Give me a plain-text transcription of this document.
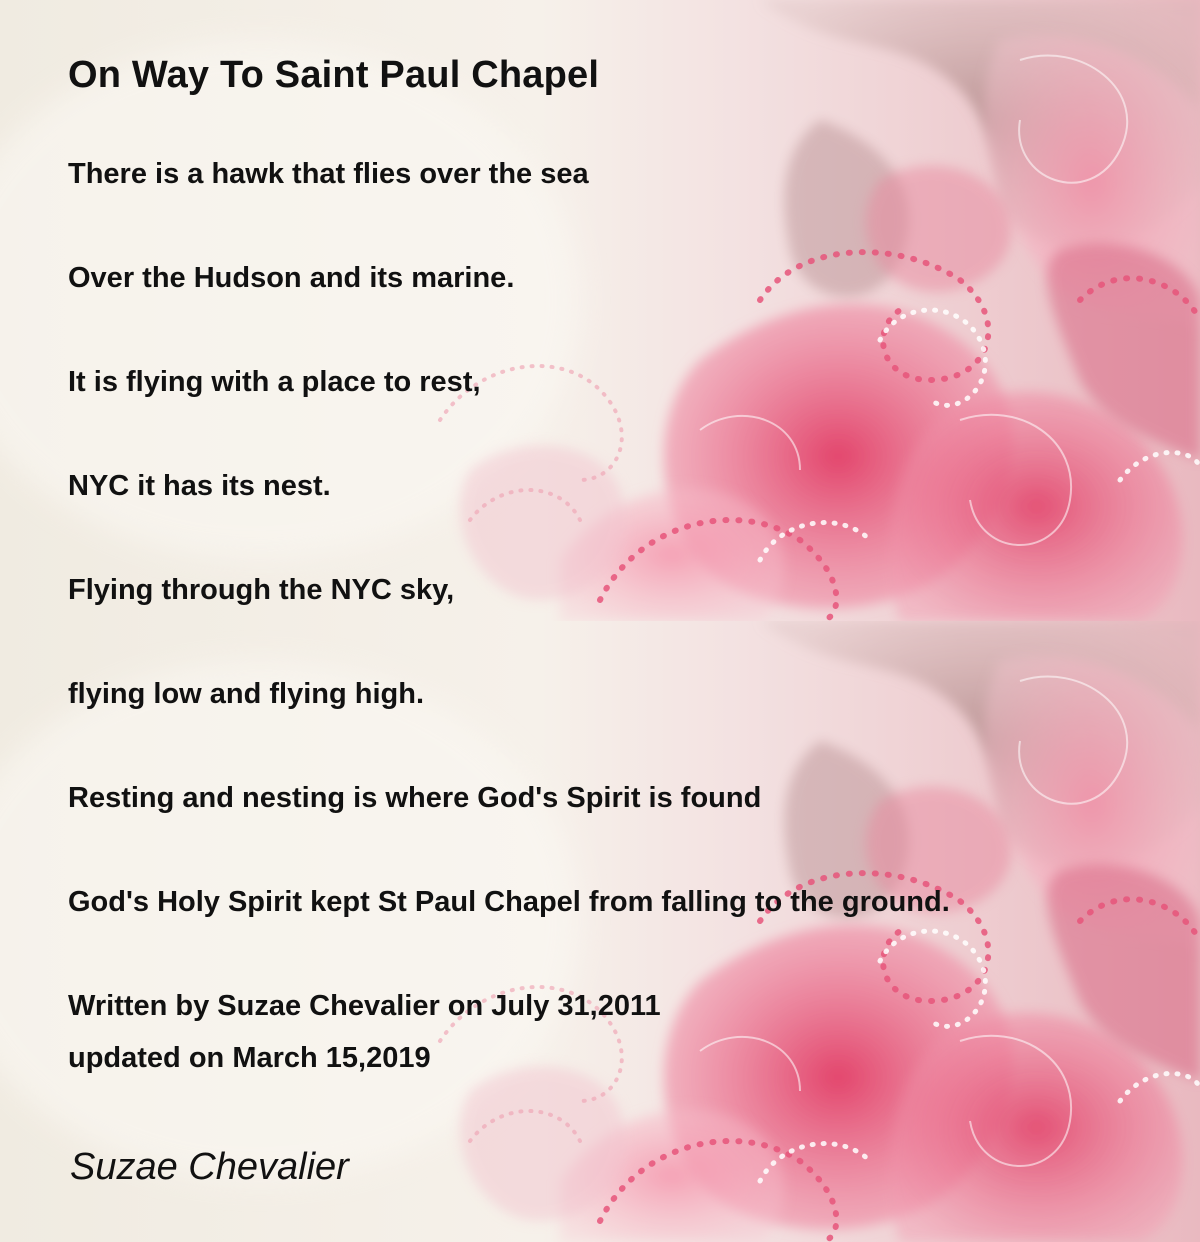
On Way To Saint Paul Chapel

There is a hawk that flies over the sea

Over the Hudson and its marine.

It is flying with a place to rest,

NYC it has its nest.

Flying through the NYC sky,

flying low and flying high.

Resting and nesting is where God's Spirit is found

God's Holy Spirit kept St Paul Chapel from falling to the ground.

Written by Suzae Chevalier on July 31,2011

updated on March 15,2019

Suzae Chevalier
